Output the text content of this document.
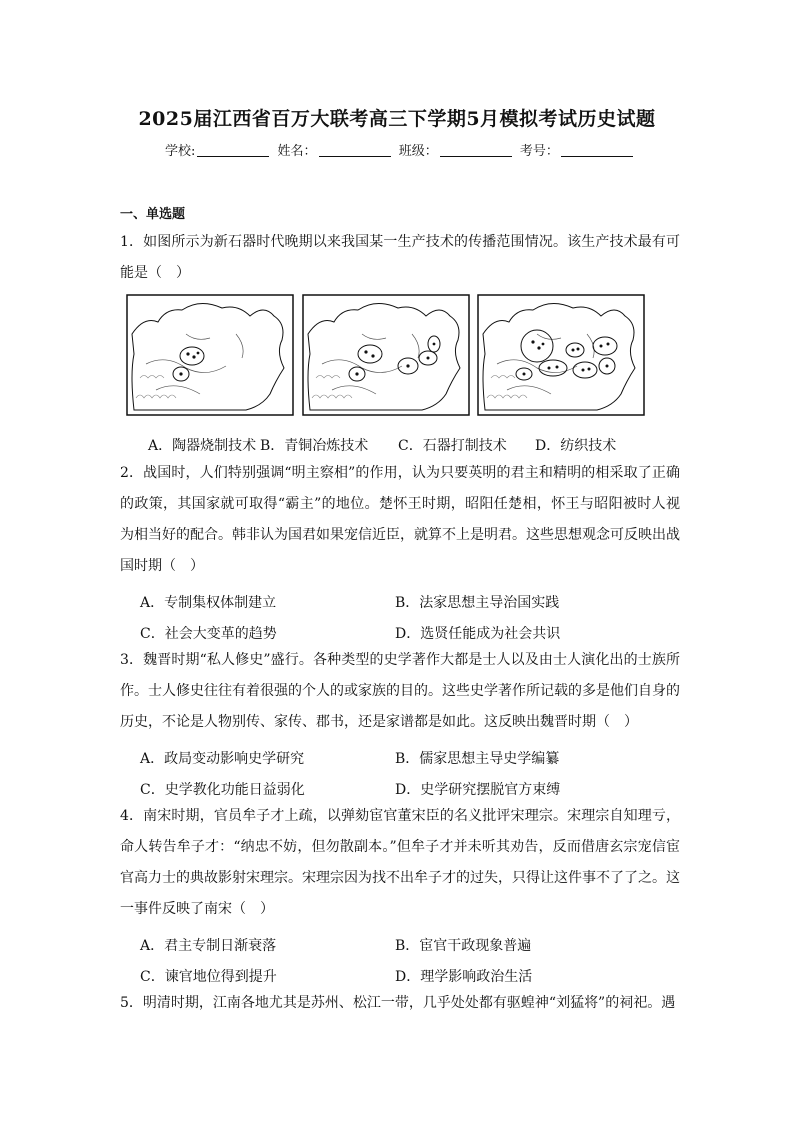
2025届江西省百万大联考高三下学期5月模拟考试历史试题
学校:	姓名：	班级：	考号：
一、单选题
1．如图所示为新石器时代晚期以来我国某一生产技术的传播范围情况。该生产技术最有可能是（　）
A．陶器烧制技术 B．青铜冶炼技术 C．石器打制技术 D．纺织技术
2．战国时，人们特别强调“明主察相”的作用，认为只要英明的君主和精明的相采取了正确的政策，其国家就可取得“霸主”的地位。楚怀王时期，昭阳任楚相，怀王与昭阳被时人视为相当好的配合。韩非认为国君如果宠信近臣，就算不上是明君。这些思想观念可反映出战国时期（　）
A．专制集权体制建立	B．法家思想主导治国实践
C．社会大变革的趋势	D．选贤任能成为社会共识
3．魏晋时期“私人修史”盛行。各种类型的史学著作大都是士人以及由士人演化出的士族所作。士人修史往往有着很强的个人的或家族的目的。这些史学著作所记载的多是他们自身的历史，不论是人物别传、家传、郡书，还是家谱都是如此。这反映出魏晋时期（　）
A．政局变动影响史学研究	B．儒家思想主导史学编纂
C．史学教化功能日益弱化	D．史学研究摆脱官方束缚
4．南宋时期，官员牟子才上疏，以弹劾宦官董宋臣的名义批评宋理宗。宋理宗自知理亏，命人转告牟子才：“纳忠不妨，但勿散副本。”但牟子才并未听其劝告，反而借唐玄宗宠信宦官高力士的典故影射宋理宗。宋理宗因为找不出牟子才的过失，只得让这件事不了了之。这一事件反映了南宋（　）
A．君主专制日渐衰落	B．宦官干政现象普遍
C．谏官地位得到提升	D．理学影响政治生活
5．明清时期，江南各地尤其是苏州、松江一带，几乎处处都有驱蝗神“刘猛将”的祠祀。遇
